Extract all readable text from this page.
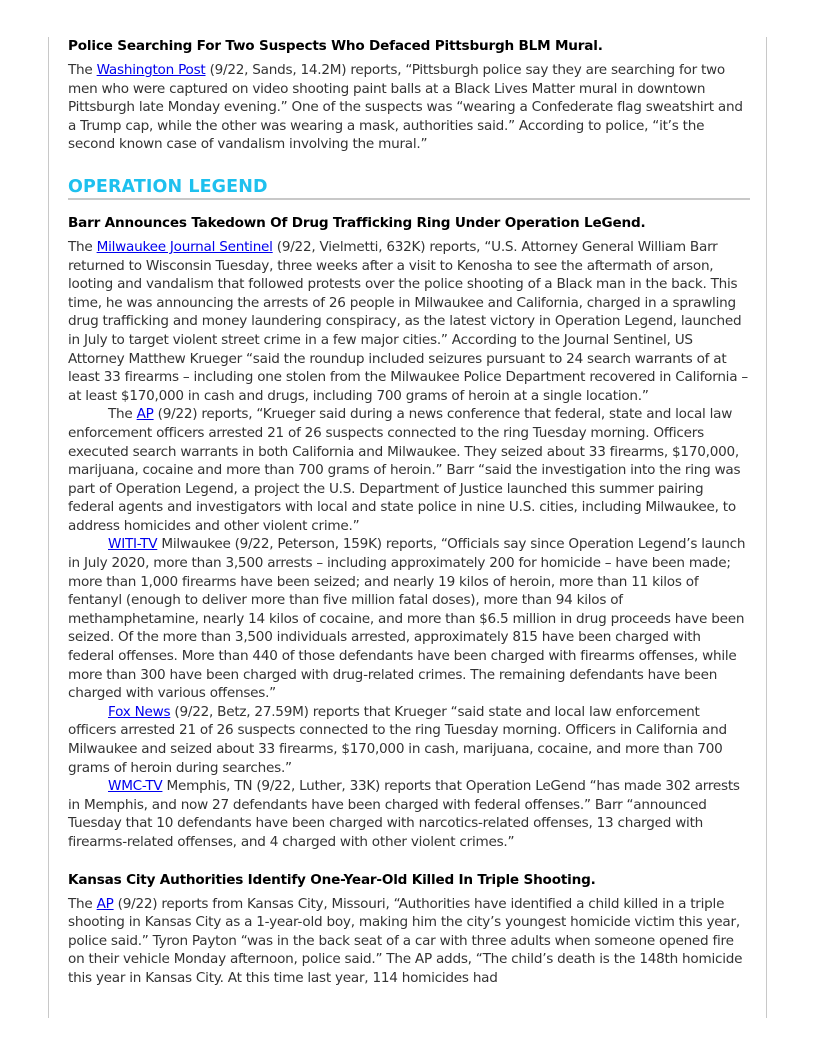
Police Searching For Two Suspects Who Defaced Pittsburgh BLM Mural.

The Washington Post (9/22, Sands, 14.2M) reports, “Pittsburgh police say they are searching for two men who were captured on video shooting paint balls at a Black Lives Matter mural in downtown Pittsburgh late Monday evening.” One of the suspects was “wearing a Confederate flag sweatshirt and a Trump cap, while the other was wearing a mask, authorities said.” According to police, “it’s the second known case of vandalism involving the mural.”

OPERATION LEGEND
Barr Announces Takedown Of Drug Trafficking Ring Under Operation LeGend.

The Milwaukee Journal Sentinel (9/22, Vielmetti, 632K) reports, “U.S. Attorney General William Barr returned to Wisconsin Tuesday, three weeks after a visit to Kenosha to see the aftermath of arson, looting and vandalism that followed protests over the police shooting of a Black man in the back. This time, he was announcing the arrests of 26 people in Milwaukee and California, charged in a sprawling drug trafficking and money laundering conspiracy, as the latest victory in Operation Legend, launched in July to target violent street crime in a few major cities.” According to the Journal Sentinel, US Attorney Matthew Krueger “said the roundup included seizures pursuant to 24 search warrants of at least 33 firearms – including one stolen from the Milwaukee Police Department recovered in California – at least $170,000 in cash and drugs, including 700 grams of heroin at a single location.”

The AP (9/22) reports, “Krueger said during a news conference that federal, state and local law enforcement officers arrested 21 of 26 suspects connected to the ring Tuesday morning. Officers executed search warrants in both California and Milwaukee. They seized about 33 firearms, $170,000, marijuana, cocaine and more than 700 grams of heroin.” Barr “said the investigation into the ring was part of Operation Legend, a project the U.S. Department of Justice launched this summer pairing federal agents and investigators with local and state police in nine U.S. cities, including Milwaukee, to address homicides and other violent crime.”

WITI-TV Milwaukee (9/22, Peterson, 159K) reports, “Officials say since Operation Legend’s launch in July 2020, more than 3,500 arrests – including approximately 200 for homicide – have been made; more than 1,000 firearms have been seized; and nearly 19 kilos of heroin, more than 11 kilos of fentanyl (enough to deliver more than five million fatal doses), more than 94 kilos of methamphetamine, nearly 14 kilos of cocaine, and more than $6.5 million in drug proceeds have been seized. Of the more than 3,500 individuals arrested, approximately 815 have been charged with federal offenses. More than 440 of those defendants have been charged with firearms offenses, while more than 300 have been charged with drug-related crimes. The remaining defendants have been charged with various offenses.”

Fox News (9/22, Betz, 27.59M) reports that Krueger “said state and local law enforcement officers arrested 21 of 26 suspects connected to the ring Tuesday morning. Officers in California and Milwaukee and seized about 33 firearms, $170,000 in cash, marijuana, cocaine, and more than 700 grams of heroin during searches.”

WMC-TV Memphis, TN (9/22, Luther, 33K) reports that Operation LeGend “has made 302 arrests in Memphis, and now 27 defendants have been charged with federal offenses.” Barr “announced Tuesday that 10 defendants have been charged with narcotics-related offenses, 13 charged with firearms-related offenses, and 4 charged with other violent crimes.”

Kansas City Authorities Identify One-Year-Old Killed In Triple Shooting.

The AP (9/22) reports from Kansas City, Missouri, “Authorities have identified a child killed in a triple shooting in Kansas City as a 1-year-old boy, making him the city’s youngest homicide victim this year, police said.” Tyron Payton “was in the back seat of a car with three adults when someone opened fire on their vehicle Monday afternoon, police said.” The AP adds, “The child’s death is the 148th homicide this year in Kansas City. At this time last year, 114 homicides had
